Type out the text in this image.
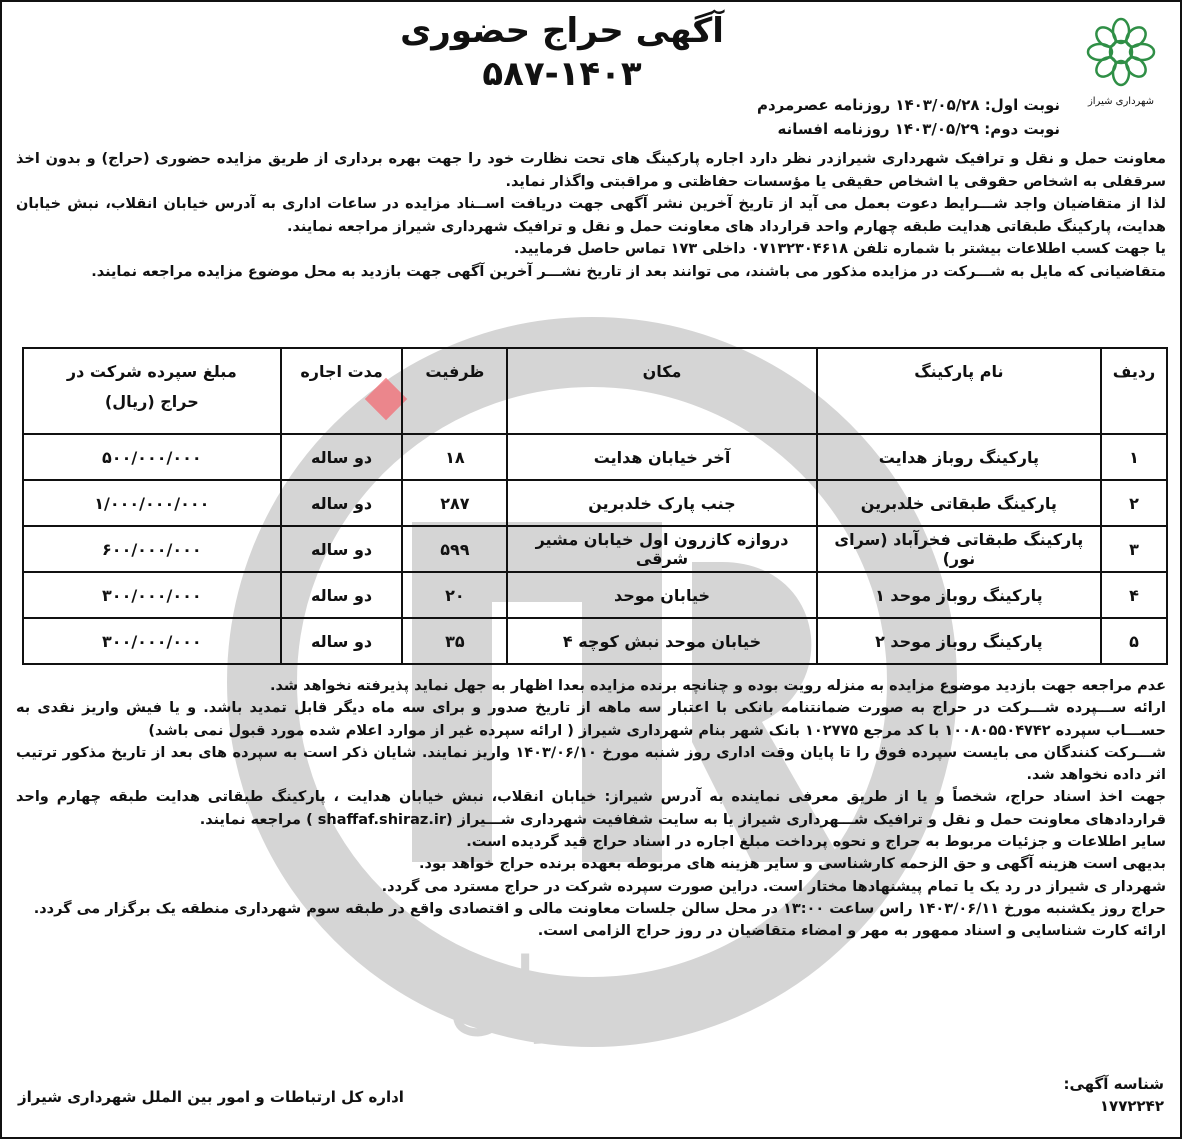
گستران
شهرداری شیراز
آگهی حراج حضوری
۵۸۷-۱۴۰۳
نوبت اول: ۱۴۰۳/۰۵/۲۸ روزنامه عصرمردم
نوبت دوم: ۱۴۰۳/۰۵/۲۹ روزنامه افسانه

معاونت حمل و نقل و ترافیک شهرداری شیرازدر نظر دارد اجاره پارکینگ های تحت نظارت خود را جهت بهره برداری از طریق مزایده حضوری (حراج) و بدون اخذ سرقفلی به اشخاص حقوقی یا اشخاص حقیقی یا مؤسسات حفاظتی و مراقبتی واگذار نماید.

لذا از متقاضیان واجد شـــرایط دعوت بعمل می آید از تاریخ آخرین نشر آگهی جهت دریافت اســناد مزایده در ساعات اداری به آدرس خیابان انقلاب، نبش خیابان هدایت، پارکینگ طبقاتی هدایت طبقه چهارم واحد قرارداد های معاونت حمل و نقل و ترافیک شهرداری شیراز مراجعه نمایند.

یا جهت کسب اطلاعات بیشتر با شماره تلفن ۰۷۱۳۲۳۰۴۶۱۸ داخلی ۱۷۳ تماس حاصل فرمایید.

متقاضیانی که مایل به شـــرکت در مزایده مذکور می باشند، می توانند بعد از تاریخ نشـــر آخرین آگهی جهت بازدید به محل موضوع مزایده مراجعه نمایند.

ردیف	نام پارکینگ	مکان	ظرفیت	مدت اجاره	مبلغ سپرده شرکت در
حراج (ریال)
۱	پارکینگ روباز هدایت	آخر خیابان هدایت	۱۸	دو ساله	۵۰۰/۰۰۰/۰۰۰
۲	پارکینگ طبقاتی خلدبرین	جنب پارک خلدبرین	۲۸۷	دو ساله	۱/۰۰۰/۰۰۰/۰۰۰
۳	پارکینگ طبقاتی فخرآباد (سرای نور)	دروازه کازرون اول خیابان مشیر شرقی	۵۹۹	دو ساله	۶۰۰/۰۰۰/۰۰۰
۴	پارکینگ روباز موحد ۱	خیابان موحد	۲۰	دو ساله	۳۰۰/۰۰۰/۰۰۰
۵	پارکینگ روباز موحد ۲	خیابان موحد نبش کوچه ۴	۳۵	دو ساله	۳۰۰/۰۰۰/۰۰۰

عدم مراجعه جهت بازدید موضوع مزایده به منزله رویت بوده و چنانچه برنده مزایده بعدا اظهار به جهل نماید پذیرفته نخواهد شد.

ارائه ســـپرده شـــرکت در حراج به صورت ضمانتنامه بانکی با اعتبار سه ماهه از تاریخ صدور و برای سه ماه دیگر قابل تمدید باشد. و یا فیش واریز نقدی به حســـاب سپرده ۱۰۰۸۰۵۵۰۴۷۴۲ با کد مرجع ۱۰۲۷۷۵ بانک شهر بنام شهرداری شیراز ( ارائه سپرده غیر از موارد اعلام شده مورد قبول نمی باشد)

شـــرکت کنندگان می بایست سپرده فوق را تا پایان وقت اداری روز شنبه مورخ ۱۴۰۳/۰۶/۱۰ واریز نمایند. شایان ذکر است به سپرده های بعد از تاریخ مذکور ترتیب اثر داده نخواهد شد.

جهت اخذ اسناد حراج، شخصاً و یا از طریق معرفی نماینده به آدرس شیراز: خیابان انقلاب، نبش خیابان هدایت ، پارکینگ طبقاتی هدایت طبقه چهارم واحد قراردادهای معاونت حمل و نقل و ترافیک شـــهرداری شیراز یا به سایت شفافیت شهرداری شـــیراز (shaffaf.shiraz.ir ) مراجعه نمایند.

سایر اطلاعات و جزئیات مربوط به حراج و نحوه پرداخت مبلغ اجاره در اسناد حراج قید گردیده است.

بدیهی است هزینه آگهی و حق الزحمه کارشناسی و سایر هزینه های مربوطه بعهده برنده حراج خواهد بود.

شهردار ی شیراز در رد یک یا تمام پیشنهادها مختار است. دراین صورت سپرده شرکت در حراج مسترد می گردد.

حراج روز یکشنبه مورخ ۱۴۰۳/۰۶/۱۱ راس ساعت ۱۳:۰۰ در محل سالن جلسات معاونت مالی و اقتصادی واقع در طبقه سوم شهرداری منطقه یک برگزار می گردد.

ارائه کارت شناسایی و اسناد ممهور به مهر و امضاء متقاضیان در روز حراج الزامی است.

شناسه آگهی:
۱۷۷۲۲۴۲
اداره کل ارتباطات و امور بین الملل شهرداری شیراز
